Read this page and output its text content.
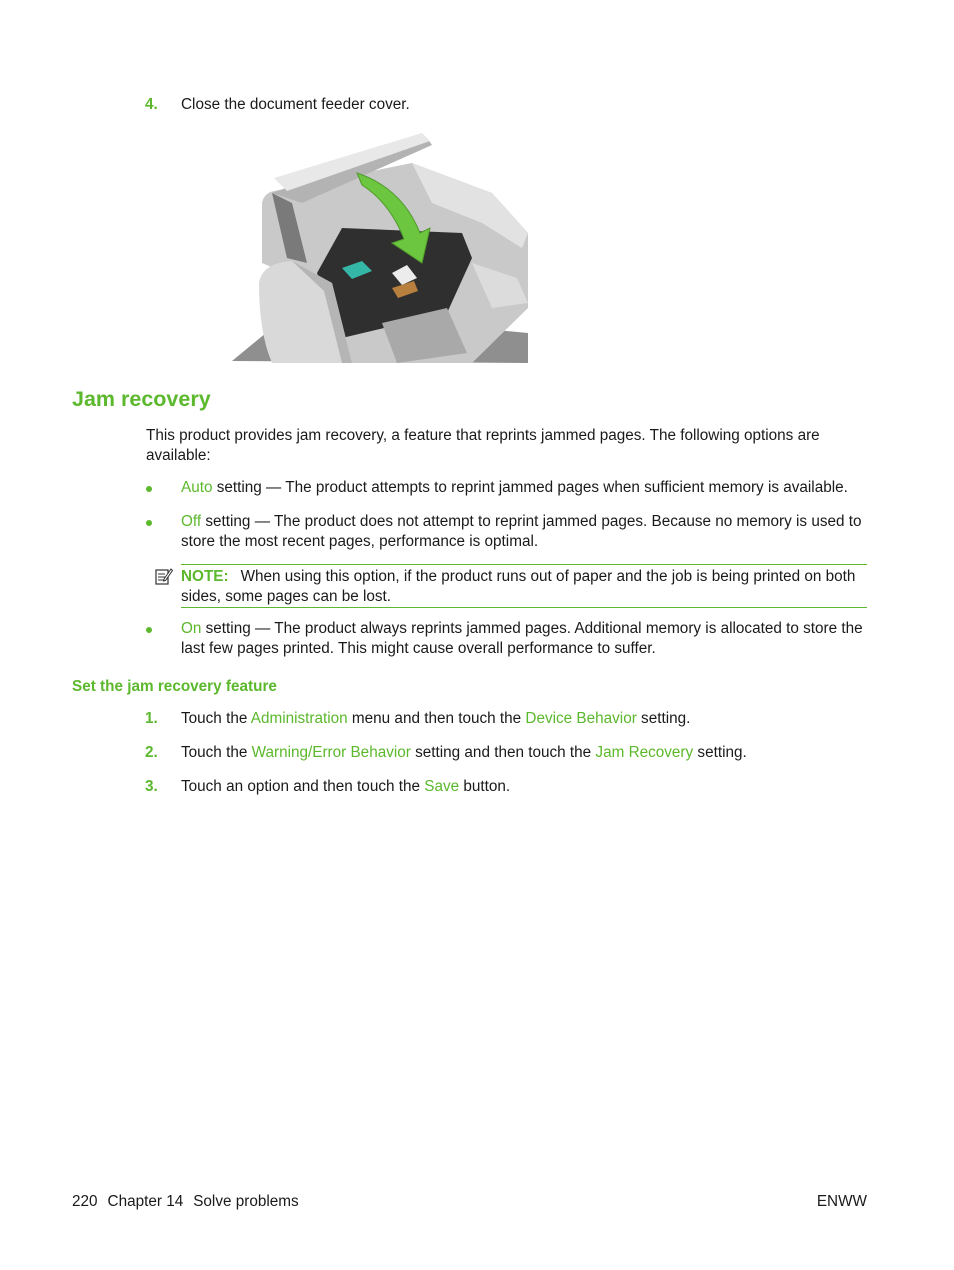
4. Close the document feeder cover.
Jam recovery
This product provides jam recovery, a feature that reprints jammed pages. The following options are available:
Auto setting — The product attempts to reprint jammed pages when sufficient memory is available.
Off setting — The product does not attempt to reprint jammed pages. Because no memory is used to store the most recent pages, performance is optimal.
NOTE: When using this option, if the product runs out of paper and the job is being printed on both sides, some pages can be lost.
On setting — The product always reprints jammed pages. Additional memory is allocated to store the last few pages printed. This might cause overall performance to suffer.
Set the jam recovery feature
1. Touch the Administration menu and then touch the Device Behavior setting.
2. Touch the Warning/Error Behavior setting and then touch the Jam Recovery setting.
3. Touch an option and then touch the Save button.
220 Chapter 14 Solve problems	ENWW
